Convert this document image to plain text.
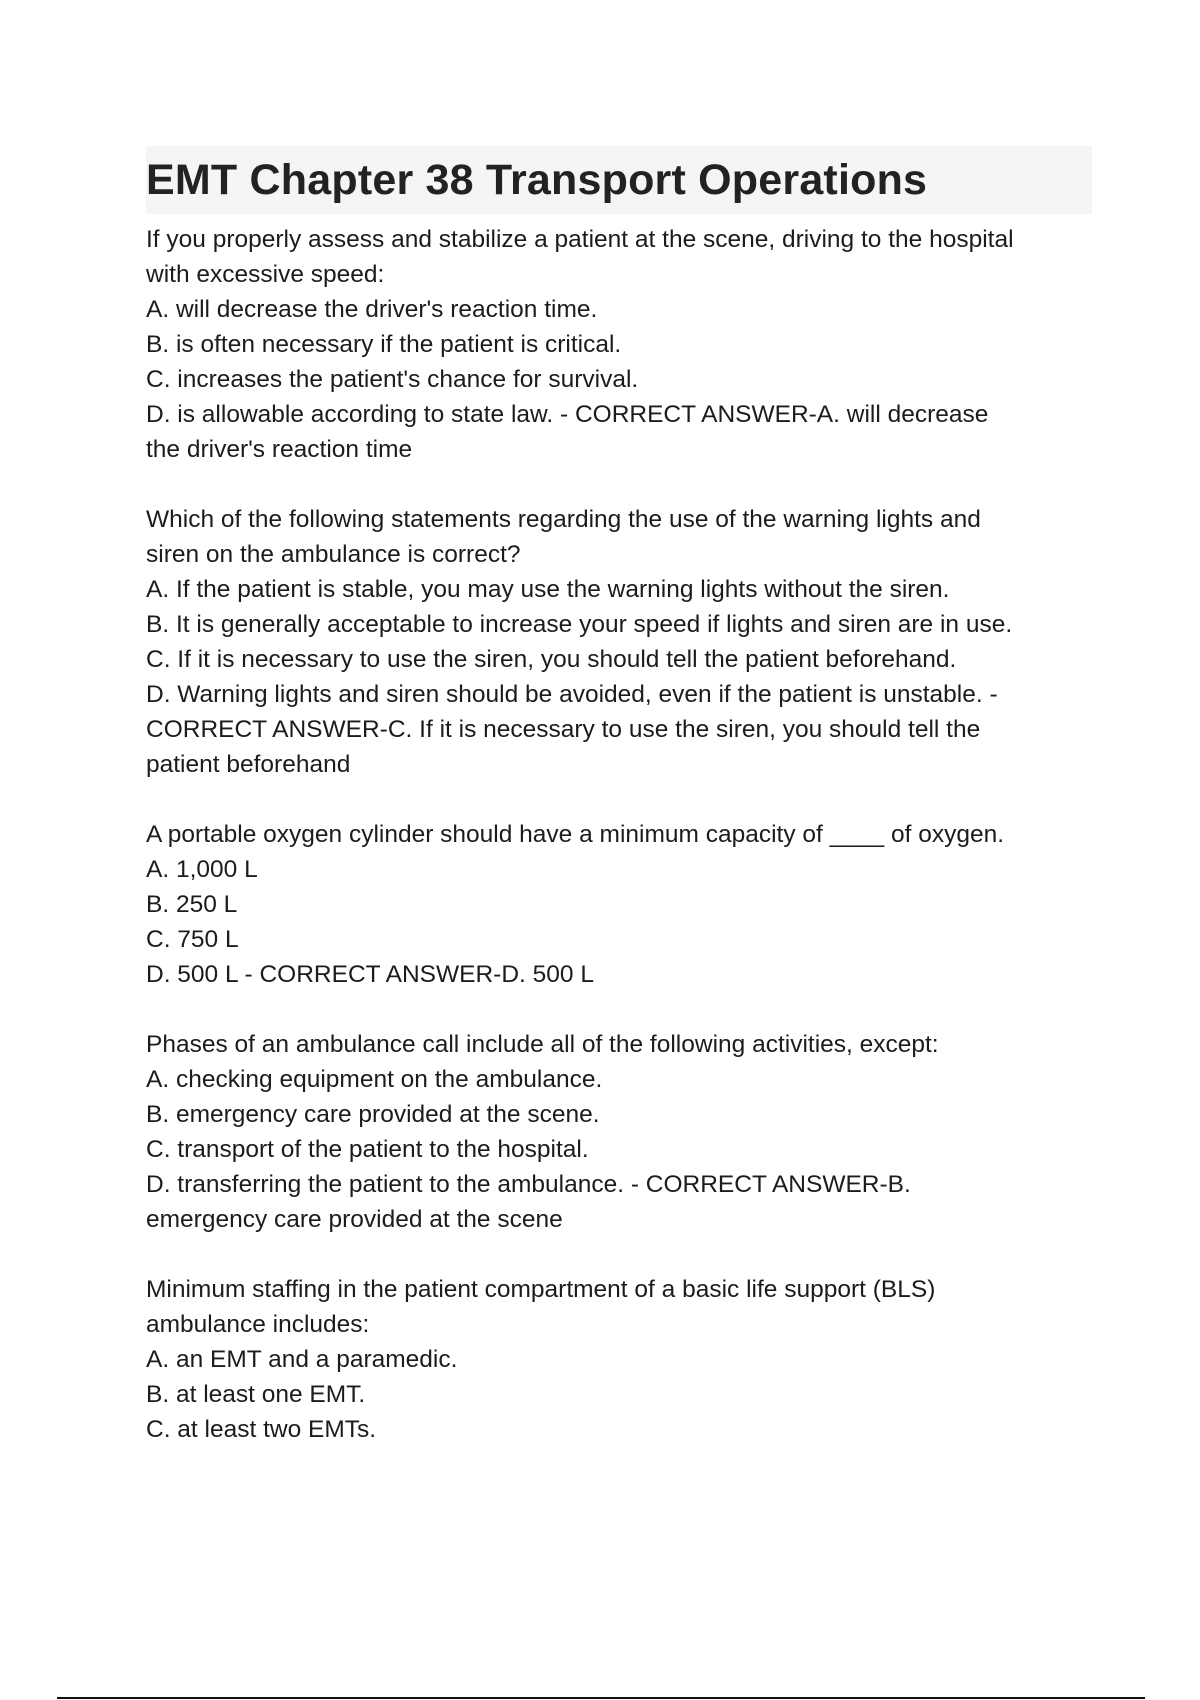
EMT Chapter 38 Transport Operations
If you properly assess and stabilize a patient at the scene, driving to the hospital
with excessive speed:
A. will decrease the driver's reaction time.
B. is often necessary if the patient is critical.
C. increases the patient's chance for survival.
D. is allowable according to state law. - CORRECT ANSWER-A. will decrease
the driver's reaction time
Which of the following statements regarding the use of the warning lights and
siren on the ambulance is correct?
A. If the patient is stable, you may use the warning lights without the siren.
B. It is generally acceptable to increase your speed if lights and siren are in use.
C. If it is necessary to use the siren, you should tell the patient beforehand.
D. Warning lights and siren should be avoided, even if the patient is unstable. -
CORRECT ANSWER-C. If it is necessary to use the siren, you should tell the
patient beforehand
A portable oxygen cylinder should have a minimum capacity of ____ of oxygen.
A. 1,000 L
B. 250 L
C. 750 L
D. 500 L - CORRECT ANSWER-D. 500 L
Phases of an ambulance call include all of the following activities, except:
A. checking equipment on the ambulance.
B. emergency care provided at the scene.
C. transport of the patient to the hospital.
D. transferring the patient to the ambulance. - CORRECT ANSWER-B.
emergency care provided at the scene
Minimum staffing in the patient compartment of a basic life support (BLS)
ambulance includes:
A. an EMT and a paramedic.
B. at least one EMT.
C. at least two EMTs.
